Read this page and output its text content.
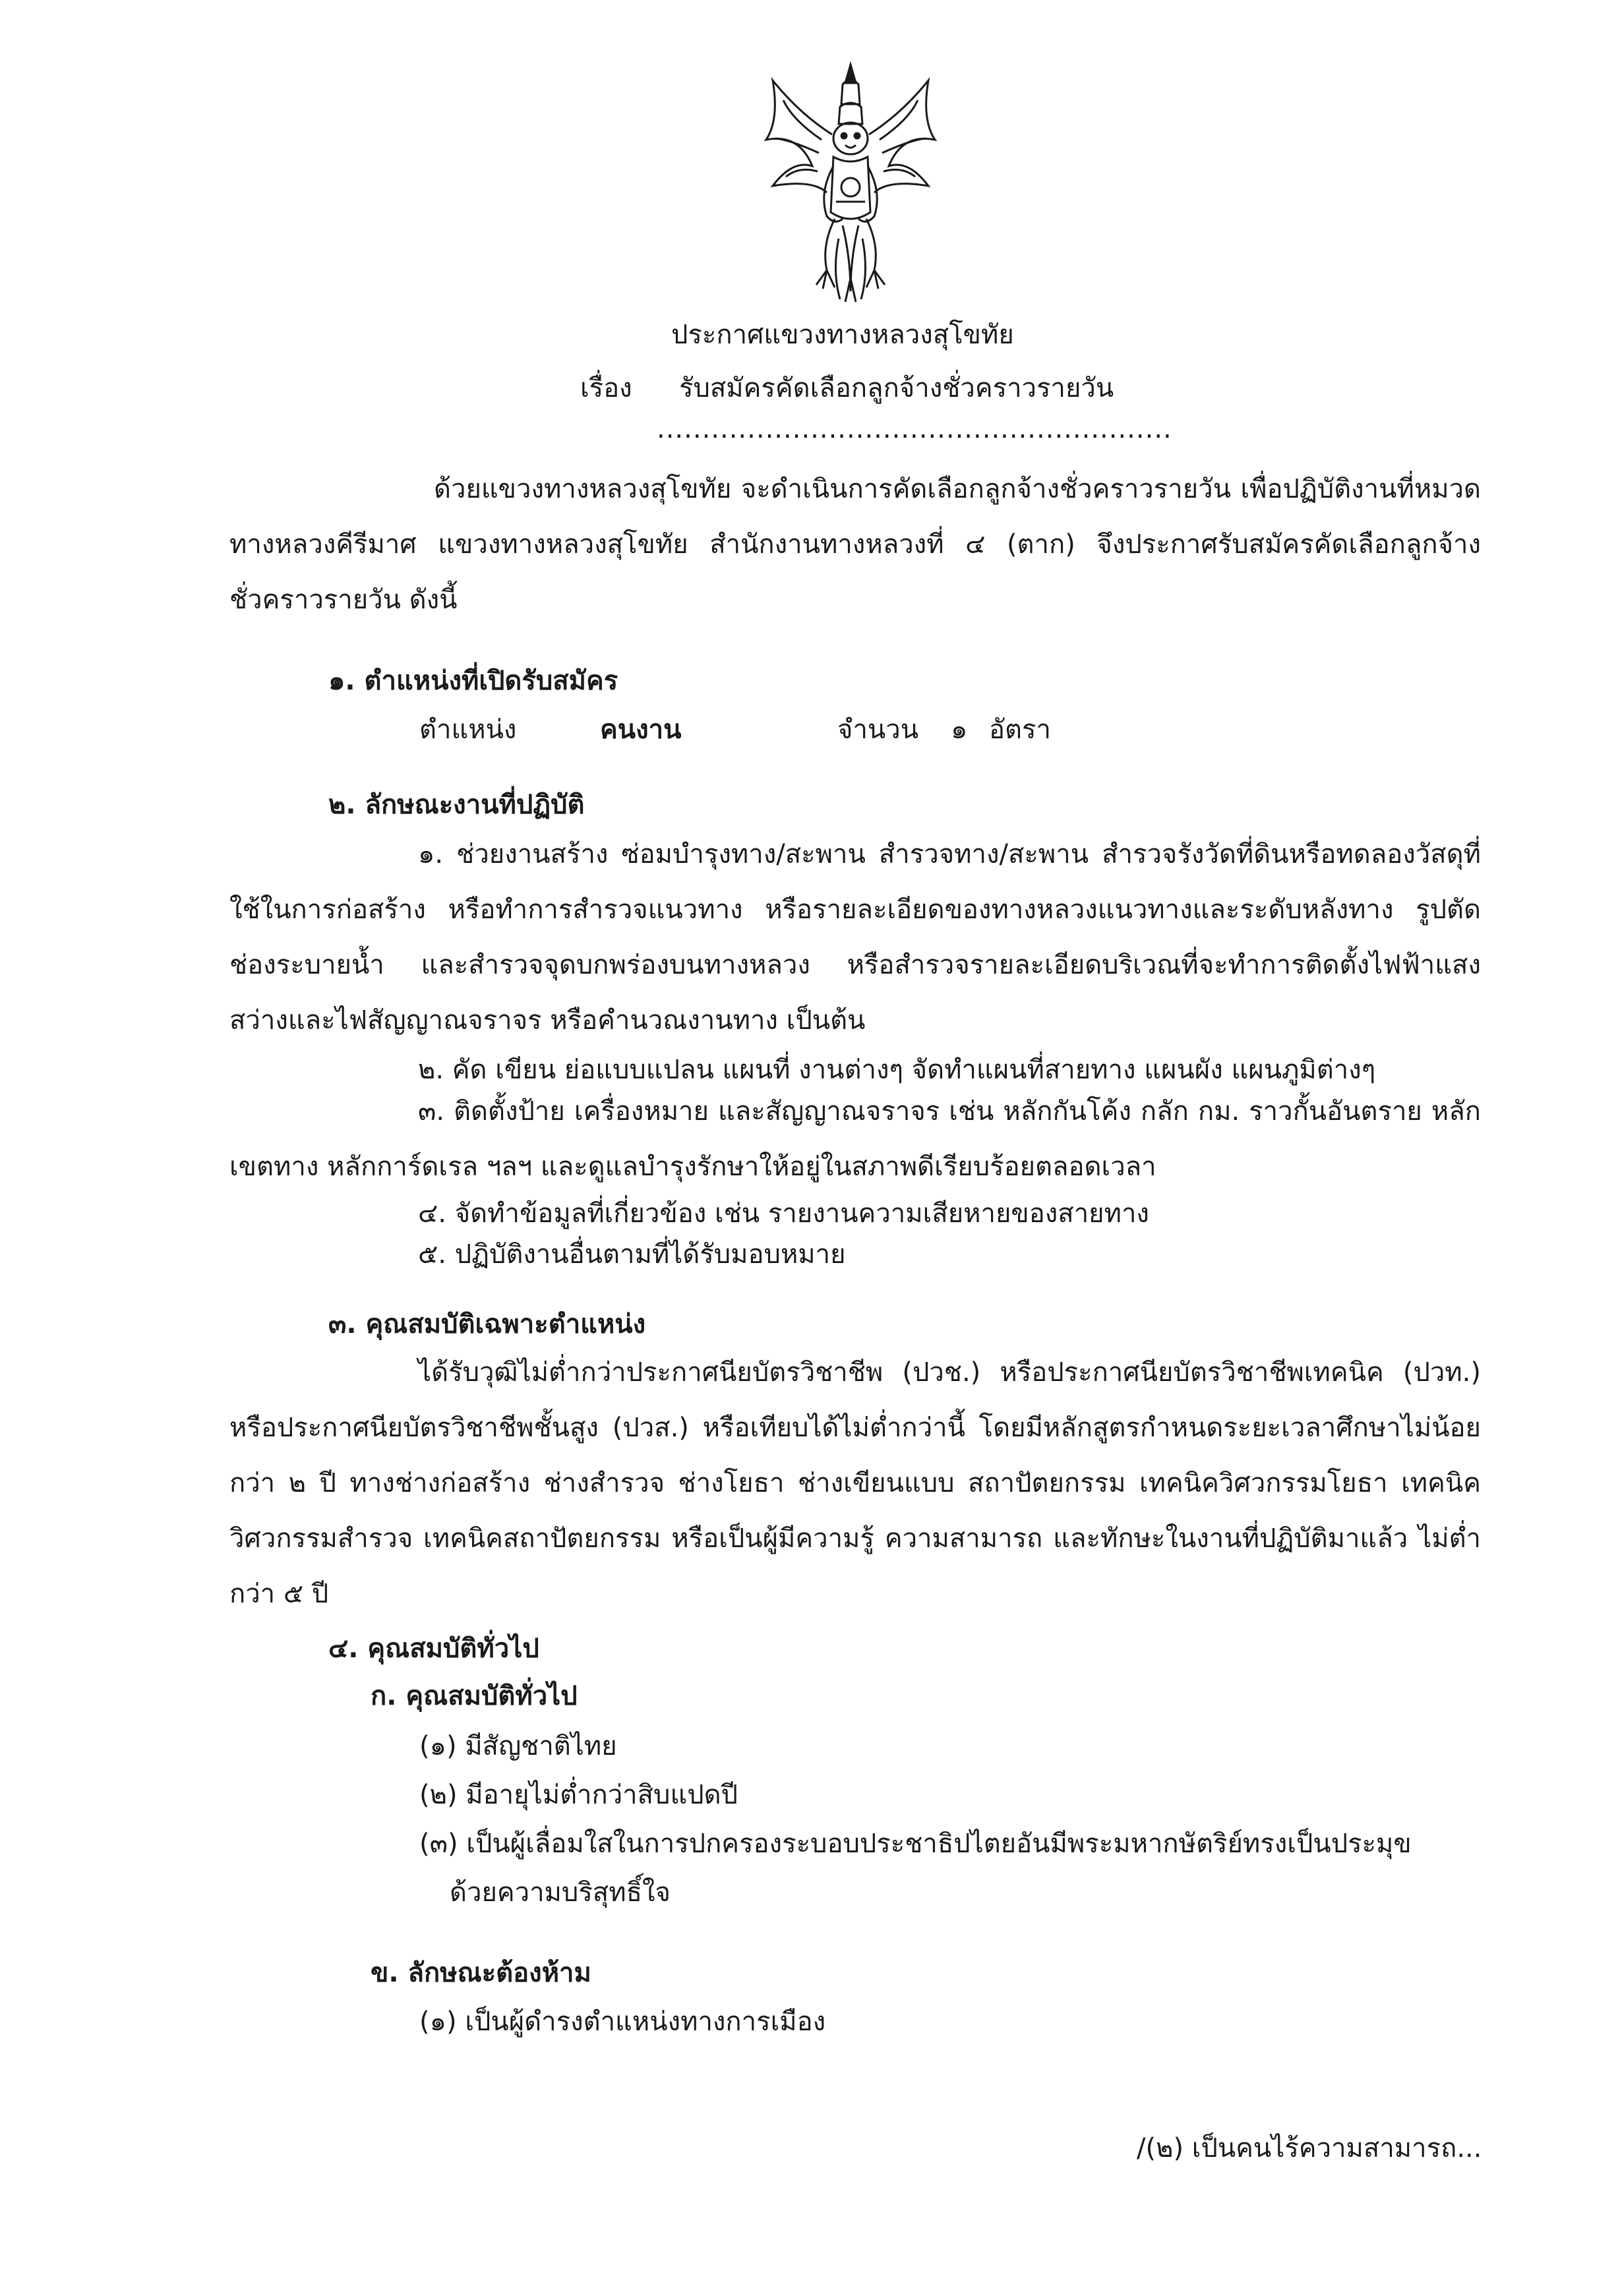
ประกาศแขวงทางหลวงสุโขทัย
เรื่อง รับสมัครคัดเลือกลูกจ้างชั่วคราวรายวัน
.........................................................
ด้วยแขวงทางหลวงสุโขทัย จะดำเนินการคัดเลือกลูกจ้างชั่วคราวรายวัน เพื่อปฏิบัติงานที่หมวดทางหลวงคีรีมาศ แขวงทางหลวงสุโขทัย สำนักงานทางหลวงที่ ๔ (ตาก) จึงประกาศรับสมัครคัดเลือกลูกจ้างชั่วคราวรายวัน ดังนี้
๑. ตำแหน่งที่เปิดรับสมัคร
ตำแหน่ง	คนงาน	จำนวน ๑ อัตรา
๒. ลักษณะงานที่ปฏิบัติ
๑. ช่วยงานสร้าง ซ่อมบำรุงทาง/สะพาน สำรวจทาง/สะพาน สำรวจรังวัดที่ดินหรือทดลองวัสดุที่ใช้ในการก่อสร้าง หรือทำการสำรวจแนวทาง หรือรายละเอียดของทางหลวงแนวทางและระดับหลังทาง รูปตัดช่องระบายน้ำ และสำรวจจุดบกพร่องบนทางหลวง หรือสำรวจรายละเอียดบริเวณที่จะทำการติดตั้งไฟฟ้าแสงสว่างและไฟสัญญาณจราจร หรือคำนวณงานทาง เป็นต้น
๒. คัด เขียน ย่อแบบแปลน แผนที่ งานต่างๆ จัดทำแผนที่สายทาง แผนผัง แผนภูมิต่างๆ
๓. ติดตั้งป้าย เครื่องหมาย และสัญญาณจราจร เช่น หลักกันโค้ง กลัก กม. ราวกั้นอันตราย หลักเขตทาง หลักการ์ดเรล ฯลฯ และดูแลบำรุงรักษาให้อยู่ในสภาพดีเรียบร้อยตลอดเวลา
๔. จัดทำข้อมูลที่เกี่ยวข้อง เช่น รายงานความเสียหายของสายทาง
๕. ปฏิบัติงานอื่นตามที่ได้รับมอบหมาย
๓. คุณสมบัติเฉพาะตำแหน่ง
ได้รับวุฒิไม่ต่ำกว่าประกาศนียบัตรวิชาชีพ (ปวช.) หรือประกาศนียบัตรวิชาชีพเทคนิค (ปวท.) หรือประกาศนียบัตรวิชาชีพชั้นสูง (ปวส.) หรือเทียบได้ไม่ต่ำกว่านี้ โดยมีหลักสูตรกำหนดระยะเวลาศึกษาไม่น้อยกว่า ๒ ปี ทางช่างก่อสร้าง ช่างสำรวจ ช่างโยธา ช่างเขียนแบบ สถาปัตยกรรม เทคนิควิศวกรรมโยธา เทคนิควิศวกรรมสำรวจ เทคนิคสถาปัตยกรรม หรือเป็นผู้มีความรู้ ความสามารถ และทักษะในงานที่ปฏิบัติมาแล้ว ไม่ต่ำกว่า ๕ ปี
๔. คุณสมบัติทั่วไป
ก. คุณสมบัติทั่วไป
(๑) มีสัญชาติไทย
(๒) มีอายุไม่ต่ำกว่าสิบแปดปี
(๓) เป็นผู้เลื่อมใสในการปกครองระบอบประชาธิปไตยอันมีพระมหากษัตริย์ทรงเป็นประมุข
ด้วยความบริสุทธิ์ใจ
ข. ลักษณะต้องห้าม
(๑) เป็นผู้ดำรงตำแหน่งทางการเมือง
/(๒) เป็นคนไร้ความสามารถ...
